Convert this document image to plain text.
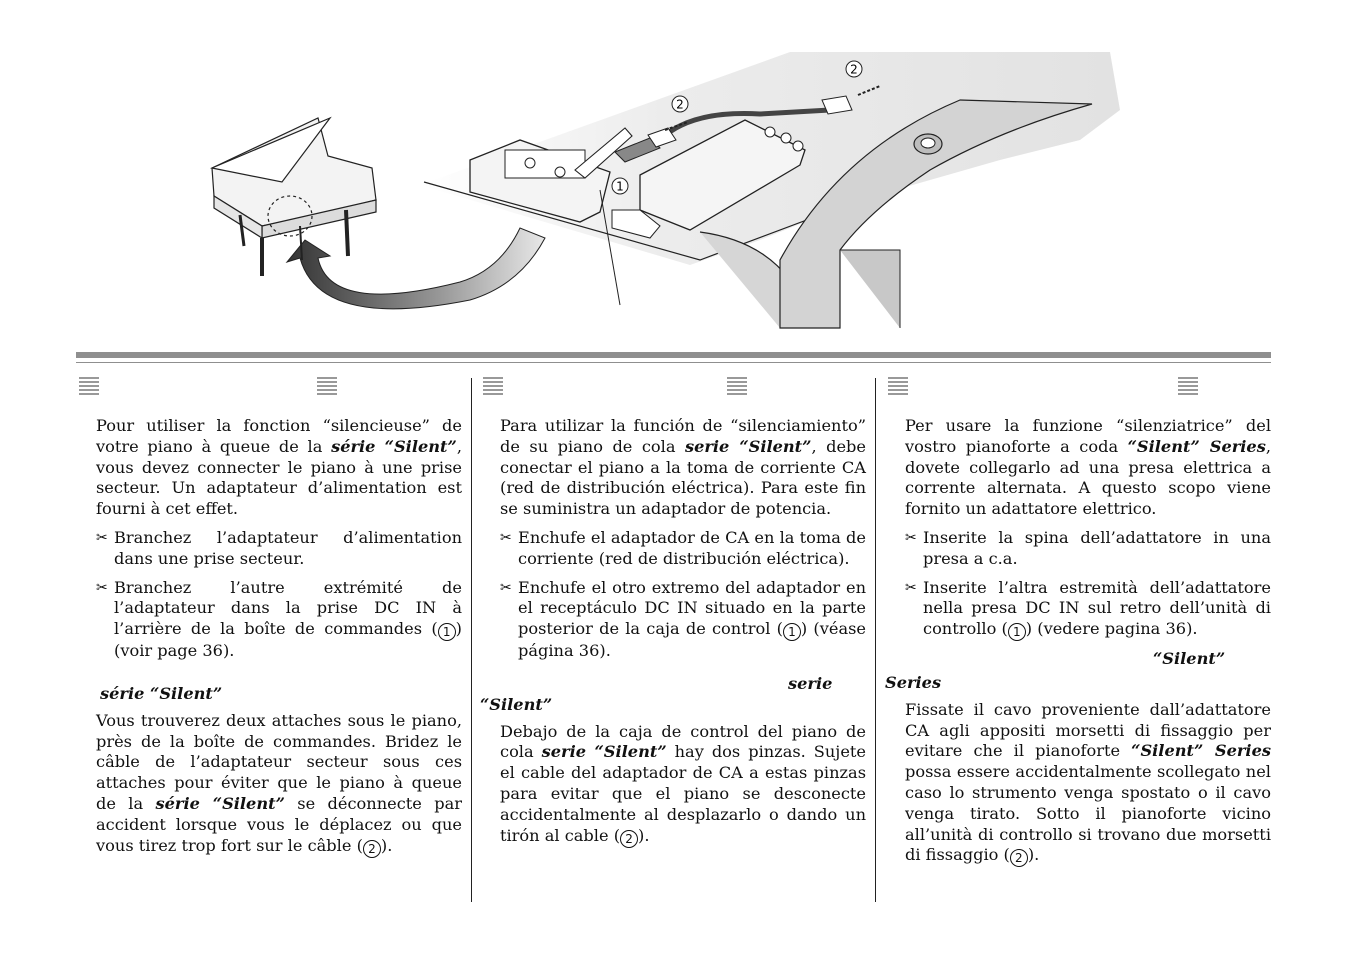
1
2
2

Pour utiliser la fonction “silencieuse” de votre piano à queue de la série “Silent”, vous devez connecter le piano à une prise secteur. Un adaptateur d’alimentation est fourni à cet effet.

✂ Branchez l’adaptateur d’alimentation dans une prise secteur.
✂ Branchez l’autre extrémité de l’adaptateur dans la prise DC IN à l’arrière de la boîte de commandes ( 1 ) (voir page 36).
série “Silent”

Vous trouverez deux attaches sous le piano, près de la boîte de commandes. Bridez le câble de l’adaptateur secteur sous ces attaches pour éviter que le piano à queue de la série “Silent” se déconnecte par accident lorsque vous le déplacez ou que vous tirez trop fort sur le câble ( 2 ).

Para utilizar la función de “silenciamiento” de su piano de cola serie “Silent”, debe conectar el piano a la toma de corriente CA (red de distribución eléctrica). Para este fin se suministra un adaptador de potencia.

✂ Enchufe el adaptador de CA en la toma de corriente (red de distribución eléctrica).
✂ Enchufe el otro extremo del adaptador en el receptáculo DC IN situado en la parte posterior de la caja de control ( 1 ) (véase página 36).
serie
“Silent”

Debajo de la caja de control del piano de cola serie “Silent” hay dos pinzas. Sujete el cable del adaptador de CA a estas pinzas para evitar que el piano se desconecte accidentalmente al desplazarlo o dando un tirón al cable ( 2 ).

Per usare la funzione “silenziatrice” del vostro pianoforte a coda “Silent” Series, dovete collegarlo ad una presa elettrica a corrente alternata. A questo scopo viene fornito un adattatore elettrico.

✂ Inserite la spina dell’adattatore in una presa a c.a.
✂ Inserite l’altra estremità dell’adattatore nella presa DC IN sul retro dell’unità di controllo ( 1 ) (vedere pagina 36).
“Silent”
Series

Fissate il cavo proveniente dall’adattatore CA agli appositi morsetti di fissaggio per evitare che il pianoforte “Silent” Series possa essere accidentalmente scollegato nel caso lo strumento venga spostato o il cavo venga tirato. Sotto il pianoforte vicino all’unità di controllo si trovano due morsetti di fissaggio ( 2 ).
